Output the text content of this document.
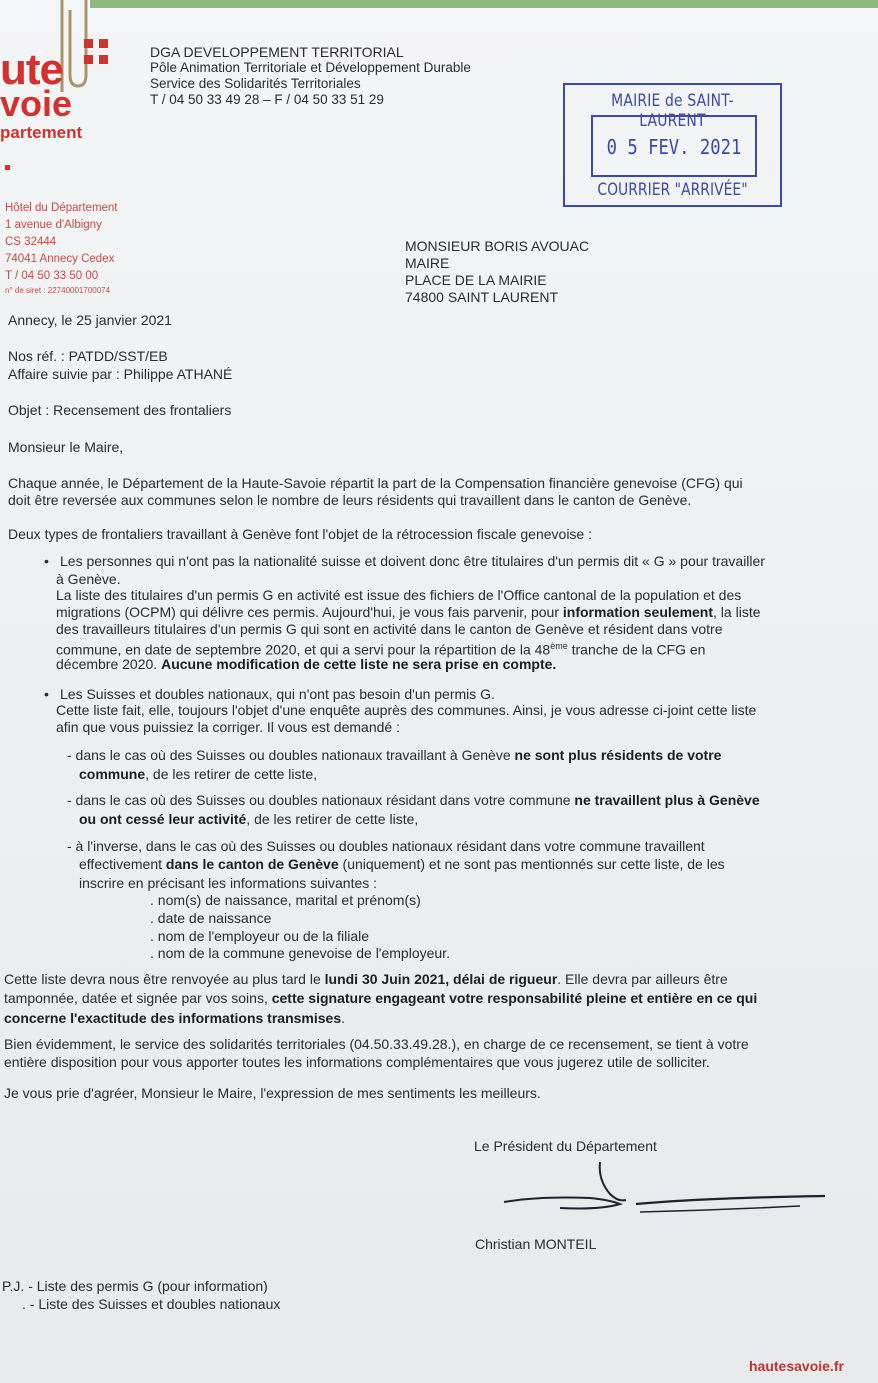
ute
voie
partement
DGA DEVELOPPEMENT TERRITORIAL
Pôle Animation Territoriale et Développement Durable
Service des Solidarités Territoriales
T / 04 50 33 49 28 – F / 04 50 33 51 29
Hôtel du Département
1 avenue d'Albigny
CS 32444
74041 Annecy Cedex
T / 04 50 33 50 00
n° de siret : 22740001700074
MAIRIE de SAINT-LAURENT
0 5 FEV. 2021
COURRIER "ARRIVÉE"
MONSIEUR BORIS AVOUAC
MAIRE
PLACE DE LA MAIRIE
74800 SAINT LAURENT
Annecy, le 25 janvier 2021
Nos réf. : PATDD/SST/EB
Affaire suivie par : Philippe ATHANÉ
Objet : Recensement des frontaliers
Monsieur le Maire,
Chaque année, le Département de la Haute-Savoie répartit la part de la Compensation financière genevoise (CFG) qui
doit être reversée aux communes selon le nombre de leurs résidents qui travaillent dans le canton de Genève.
Deux types de frontaliers travaillant à Genève font l'objet de la rétrocession fiscale genevoise :
• Les personnes qui n'ont pas la nationalité suisse et doivent donc être titulaires d'un permis dit « G » pour travailler
à Genève.
La liste des titulaires d'un permis G en activité est issue des fichiers de l'Office cantonal de la population et des
migrations (OCPM) qui délivre ces permis. Aujourd'hui, je vous fais parvenir, pour information seulement, la liste
des travailleurs titulaires d'un permis G qui sont en activité dans le canton de Genève et résident dans votre
commune, en date de septembre 2020, et qui a servi pour la répartition de la 48ème tranche de la CFG en
décembre 2020. Aucune modification de cette liste ne sera prise en compte.
• Les Suisses et doubles nationaux, qui n'ont pas besoin d'un permis G.
Cette liste fait, elle, toujours l'objet d'une enquête auprès des communes. Ainsi, je vous adresse ci-joint cette liste
afin que vous puissiez la corriger. Il vous est demandé :
- dans le cas où des Suisses ou doubles nationaux travaillant à Genève ne sont plus résidents de votre
commune, de les retirer de cette liste,
- dans le cas où des Suisses ou doubles nationaux résidant dans votre commune ne travaillent plus à Genève
ou ont cessé leur activité, de les retirer de cette liste,
- à l'inverse, dans le cas où des Suisses ou doubles nationaux résidant dans votre commune travaillent
effectivement dans le canton de Genève (uniquement) et ne sont pas mentionnés sur cette liste, de les
inscrire en précisant les informations suivantes :
. nom(s) de naissance, marital et prénom(s)
. date de naissance
. nom de l'employeur ou de la filiale
. nom de la commune genevoise de l'employeur.
Cette liste devra nous être renvoyée au plus tard le lundi 30 Juin 2021, délai de rigueur. Elle devra par ailleurs être
tamponnée, datée et signée par vos soins, cette signature engageant votre responsabilité pleine et entière en ce qui
concerne l'exactitude des informations transmises.
Bien évidemment, le service des solidarités territoriales (04.50.33.49.28.), en charge de ce recensement, se tient à votre
entière disposition pour vous apporter toutes les informations complémentaires que vous jugerez utile de solliciter.
Je vous prie d'agréer, Monsieur le Maire, l'expression de mes sentiments les meilleurs.
Le Président du Département
Christian MONTEIL
P.J. - Liste des permis G (pour information)
. - Liste des Suisses et doubles nationaux
hautesavoie.fr
